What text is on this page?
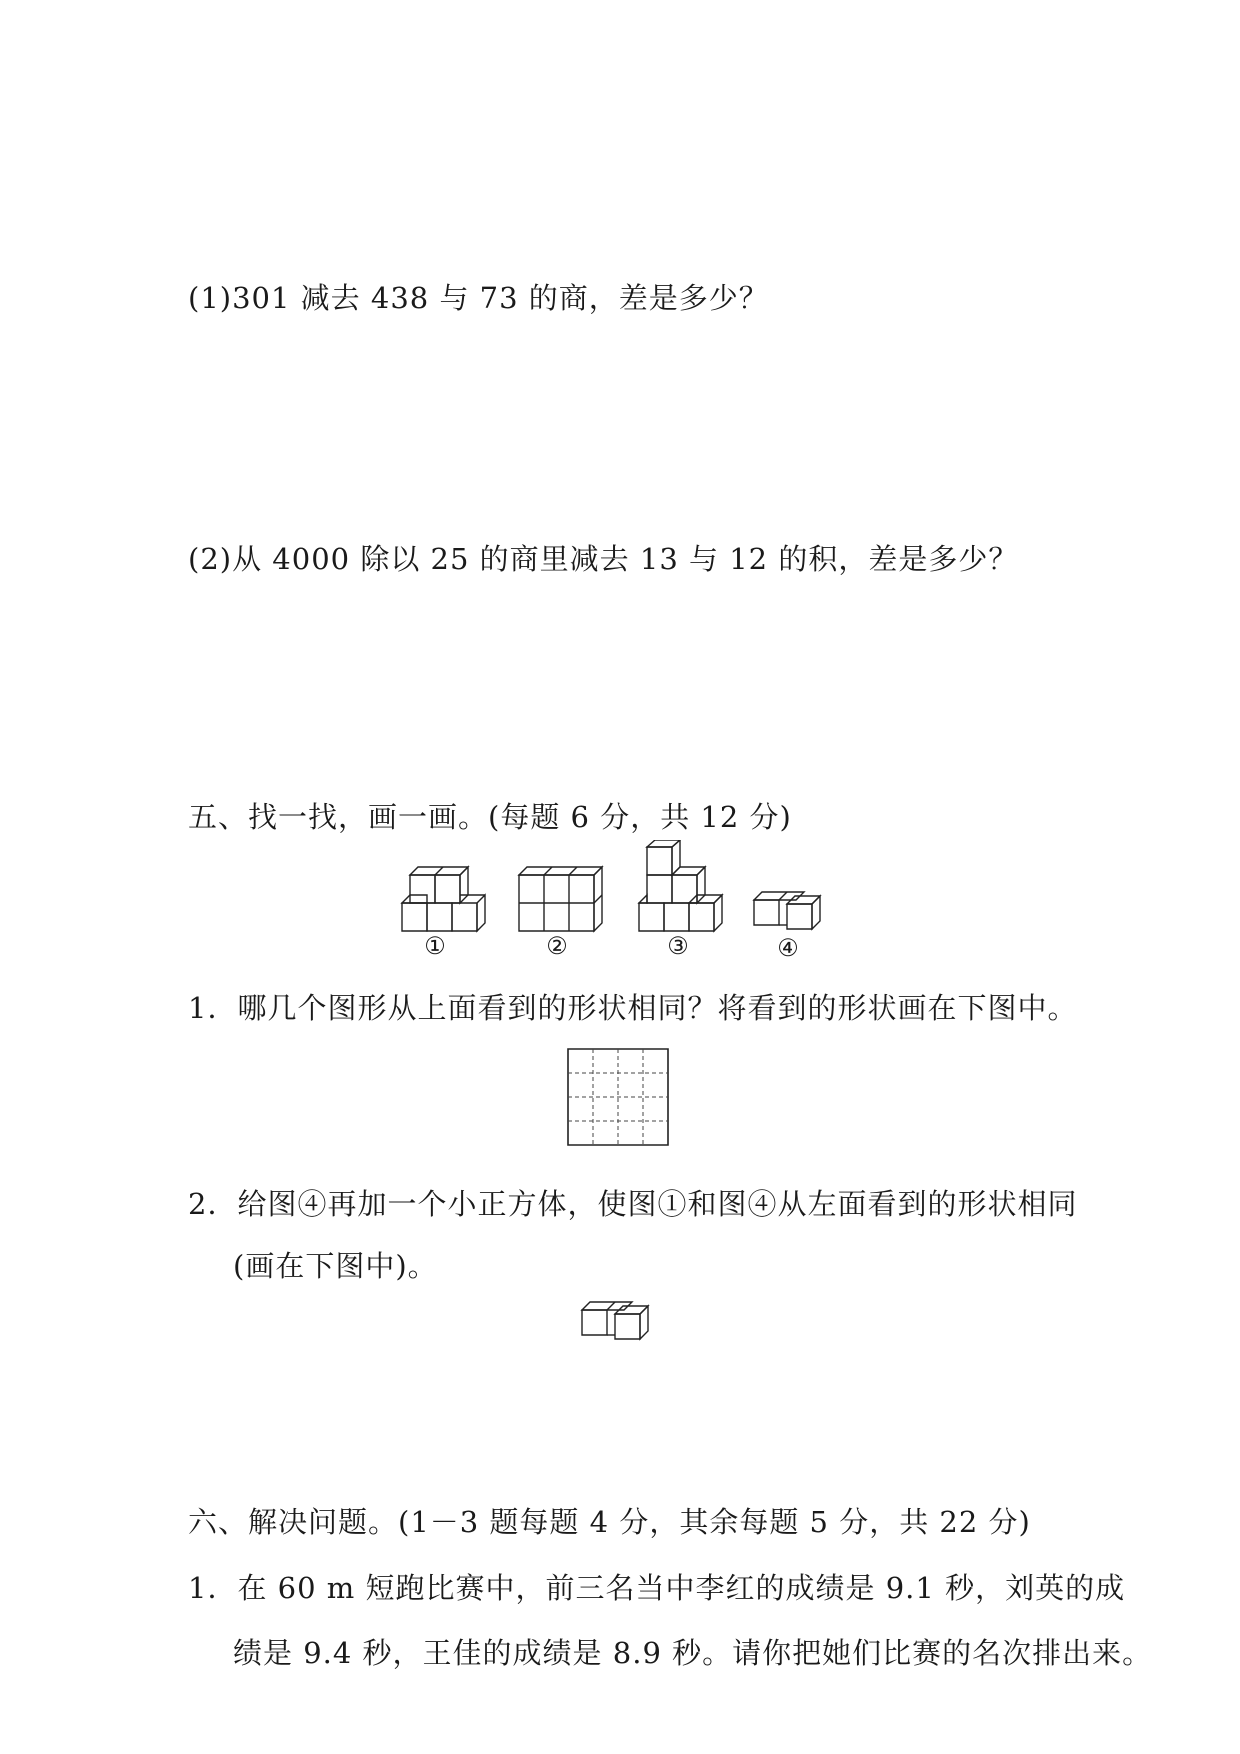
(1)301 减去 438 与 73 的商，差是多少？
(2)从 4000 除以 25 的商里减去 13 与 12 的积，差是多少？
五、找一找，画一画。(每题 6 分，共 12 分)
①	②	③	④
1．哪几个图形从上面看到的形状相同？将看到的形状画在下图中。
2．给图④再加一个小正方体，使图①和图④从左面看到的形状相同
(画在下图中)。
六、解决问题。(1－3 题每题 4 分，其余每题 5 分，共 22 分)
1．在 60 m 短跑比赛中，前三名当中李红的成绩是 9.1 秒，刘英的成
绩是 9.4 秒，王佳的成绩是 8.9 秒。请你把她们比赛的名次排出来。
